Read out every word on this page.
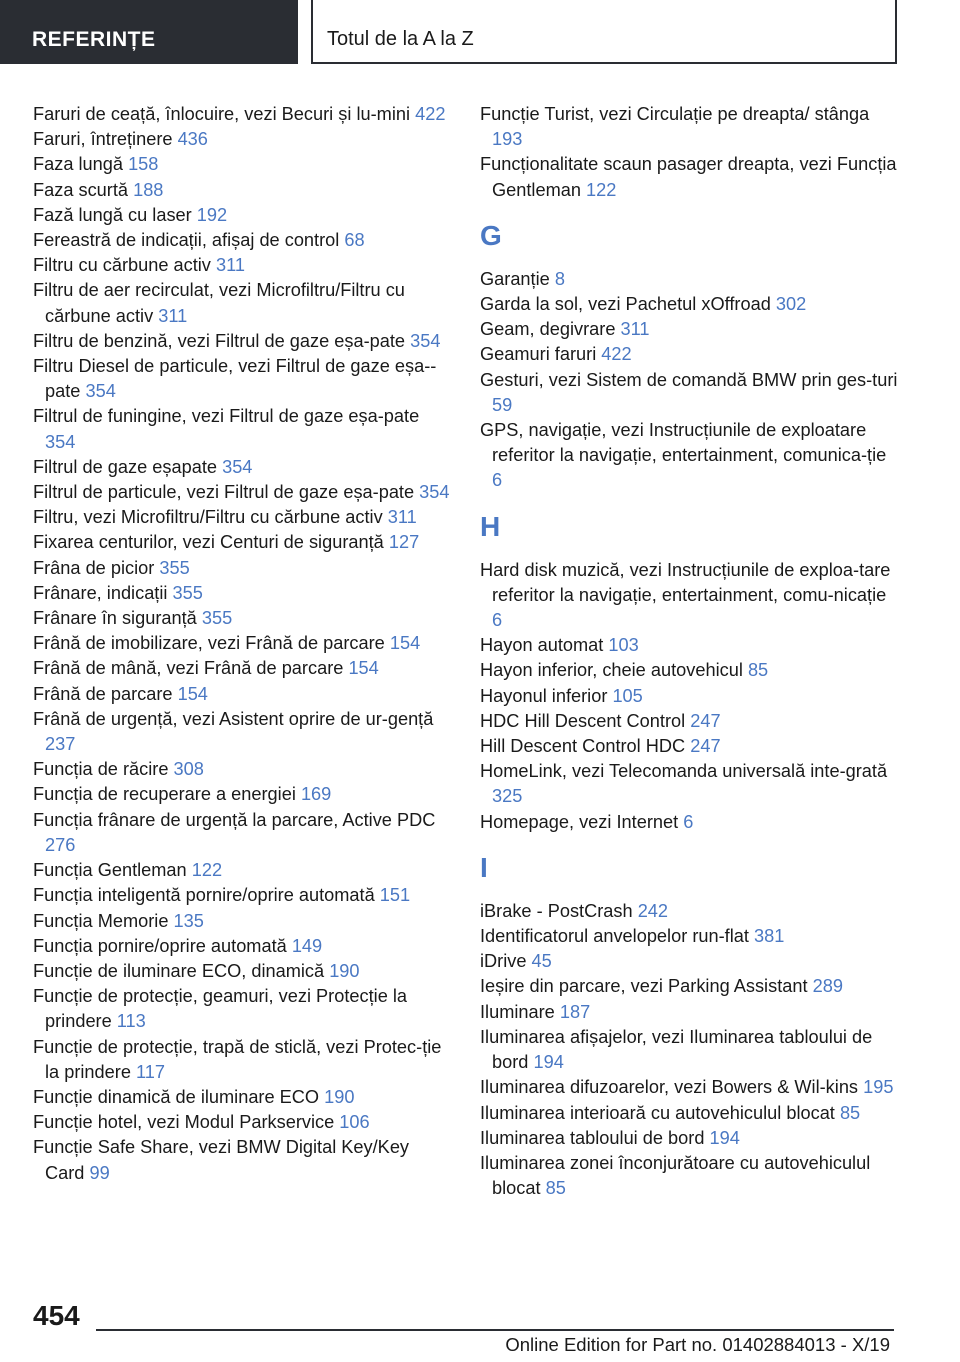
REFERINȚE	Totul de la A la Z
Faruri de ceață, înlocuire, vezi Becuri și lu-mini 422
Faruri, întreținere 436
Faza lungă 158
Faza scurtă 188
Fază lungă cu laser 192
Fereastră de indicații, afișaj de control 68
Filtru cu cărbune activ 311
Filtru de aer recirculat, vezi Microfiltru/Filtru cu cărbune activ 311
Filtru de benzină, vezi Filtrul de gaze eșa-pate 354
Filtru Diesel de particule, vezi Filtrul de gaze eșa-pate 354
Filtrul de funingine, vezi Filtrul de gaze eșa-pate 354
Filtrul de gaze eșapate 354
Filtrul de particule, vezi Filtrul de gaze eșa-pate 354
Filtru, vezi Microfiltru/Filtru cu cărbune activ 311
Fixarea centurilor, vezi Centuri de siguranță 127
Frâna de picior 355
Frânare, indicații 355
Frânare în siguranță 355
Frână de imobilizare, vezi Frână de parcare 154
Frână de mână, vezi Frână de parcare 154
Frână de parcare 154
Frână de urgență, vezi Asistent oprire de ur-gență 237
Funcția de răcire 308
Funcția de recuperare a energiei 169
Funcția frânare de urgență la parcare, Active PDC 276
Funcția Gentleman 122
Funcția inteligentă pornire/oprire automată 151
Funcția Memorie 135
Funcția pornire/oprire automată 149
Funcție de iluminare ECO, dinamică 190
Funcție de protecție, geamuri, vezi Protecție la prindere 113
Funcție de protecție, trapă de sticlă, vezi Protec-ție la prindere 117
Funcție dinamică de iluminare ECO 190
Funcție hotel, vezi Modul Parkservice 106
Funcție Safe Share, vezi BMW Digital Key/Key Card 99
Funcție Turist, vezi Circulație pe dreapta/ stânga 193
Funcționalitate scaun pasager dreapta, vezi Funcția Gentleman 122
G
Garanție 8
Garda la sol, vezi Pachetul xOffroad 302
Geam, degivrare 311
Geamuri faruri 422
Gesturi, vezi Sistem de comandă BMW prin ges-turi 59
GPS, navigație, vezi Instrucțiunile de exploatare referitor la navigație, entertainment, comunica-ție 6
H
Hard disk muzică, vezi Instrucțiunile de exploa-tare referitor la navigație, entertainment, comu-nicație 6
Hayon automat 103
Hayon inferior, cheie autovehicul 85
Hayonul inferior 105
HDC Hill Descent Control 247
Hill Descent Control HDC 247
HomeLink, vezi Telecomanda universală inte-grată 325
Homepage, vezi Internet 6
I
iBrake - PostCrash 242
Identificatorul anvelopelor run-flat 381
iDrive 45
Ieșire din parcare, vezi Parking Assistant 289
Iluminare 187
Iluminarea afișajelor, vezi Iluminarea tabloului de bord 194
Iluminarea difuzoarelor, vezi Bowers & Wil-kins 195
Iluminarea interioară cu autovehiculul blocat 85
Iluminarea tabloului de bord 194
Iluminarea zonei înconjurătoare cu autovehiculul blocat 85
454
Online Edition for Part no. 01402884013 - X/19
